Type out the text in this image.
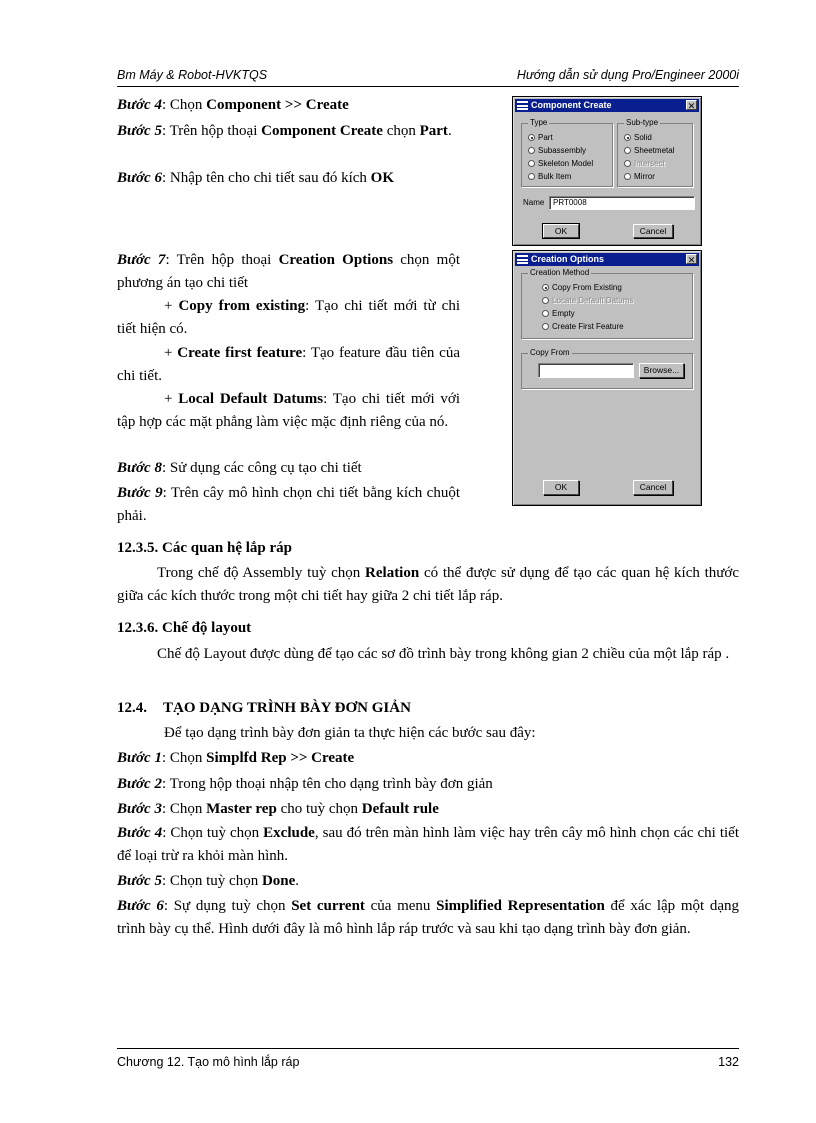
Bm Máy & Robot-HVKTQS	Hướng dẫn sử dụng Pro/Engineer 2000i
Bước 4: Chọn Component >> Create
Bước 5: Trên hộp thoại Component Create chọn Part.
Bước 6: Nhập tên cho chi tiết sau đó kích OK
Bước 7: Trên hộp thoại Creation Options chọn một phương án tạo chi tiết
+ Copy from existing: Tạo chi tiết mới từ chi tiết hiện có.
+ Create first feature: Tạo feature đầu tiên của chi tiết.
+ Local Default Datums: Tạo chi tiết mới với tập hợp các mặt phẳng làm việc mặc định riêng của nó.
Bước 8: Sử dụng các công cụ tạo chi tiết
Bước 9: Trên cây mô hình chọn chi tiết bằng kích chuột phải.
Component Create	✕
Type
Part
Subassembly
Skeleton Model
Bulk Item
Sub-type
Solid
Sheetmetal
Intersect
Mirror
Name	PRT0008
OK	Cancel
Creation Options	✕
Creation Method
Copy From Existing
Locate Default Datums
Empty
Create First Feature
Copy From
Browse...
OK	Cancel
12.3.5. Các quan hệ lắp ráp
Trong chế độ Assembly tuỳ chọn Relation có thể được sử dụng để tạo các quan hệ kích thước giữa các kích thước trong một chi tiết hay giữa 2 chi tiết lắp ráp.
12.3.6. Chế độ layout
Chế độ Layout được dùng để tạo các sơ đồ trình bày trong không gian 2 chiều của một lắp ráp .
12.4. TẠO DẠNG TRÌNH BÀY ĐƠN GIẢN
Để tạo dạng trình bày đơn giản ta thực hiện các bước sau đây:
Bước 1: Chọn Simplfd Rep >> Create
Bước 2: Trong hộp thoại nhập tên cho dạng trình bày đơn giản
Bước 3: Chọn Master rep cho tuỳ chọn Default rule
Bước 4: Chọn tuỳ chọn Exclude, sau đó trên màn hình làm việc hay trên cây mô hình chọn các chi tiết để loại trừ ra khỏi màn hình.
Bước 5: Chọn tuỳ chọn Done.
Bước 6: Sự dụng tuỳ chọn Set current của menu Simplified Representation để xác lập một dạng trình bày cụ thể. Hình dưới đây là mô hình lắp ráp trước và sau khi tạo dạng trình bày đơn giản.
Chương 12. Tạo mô hình lắp ráp	132
